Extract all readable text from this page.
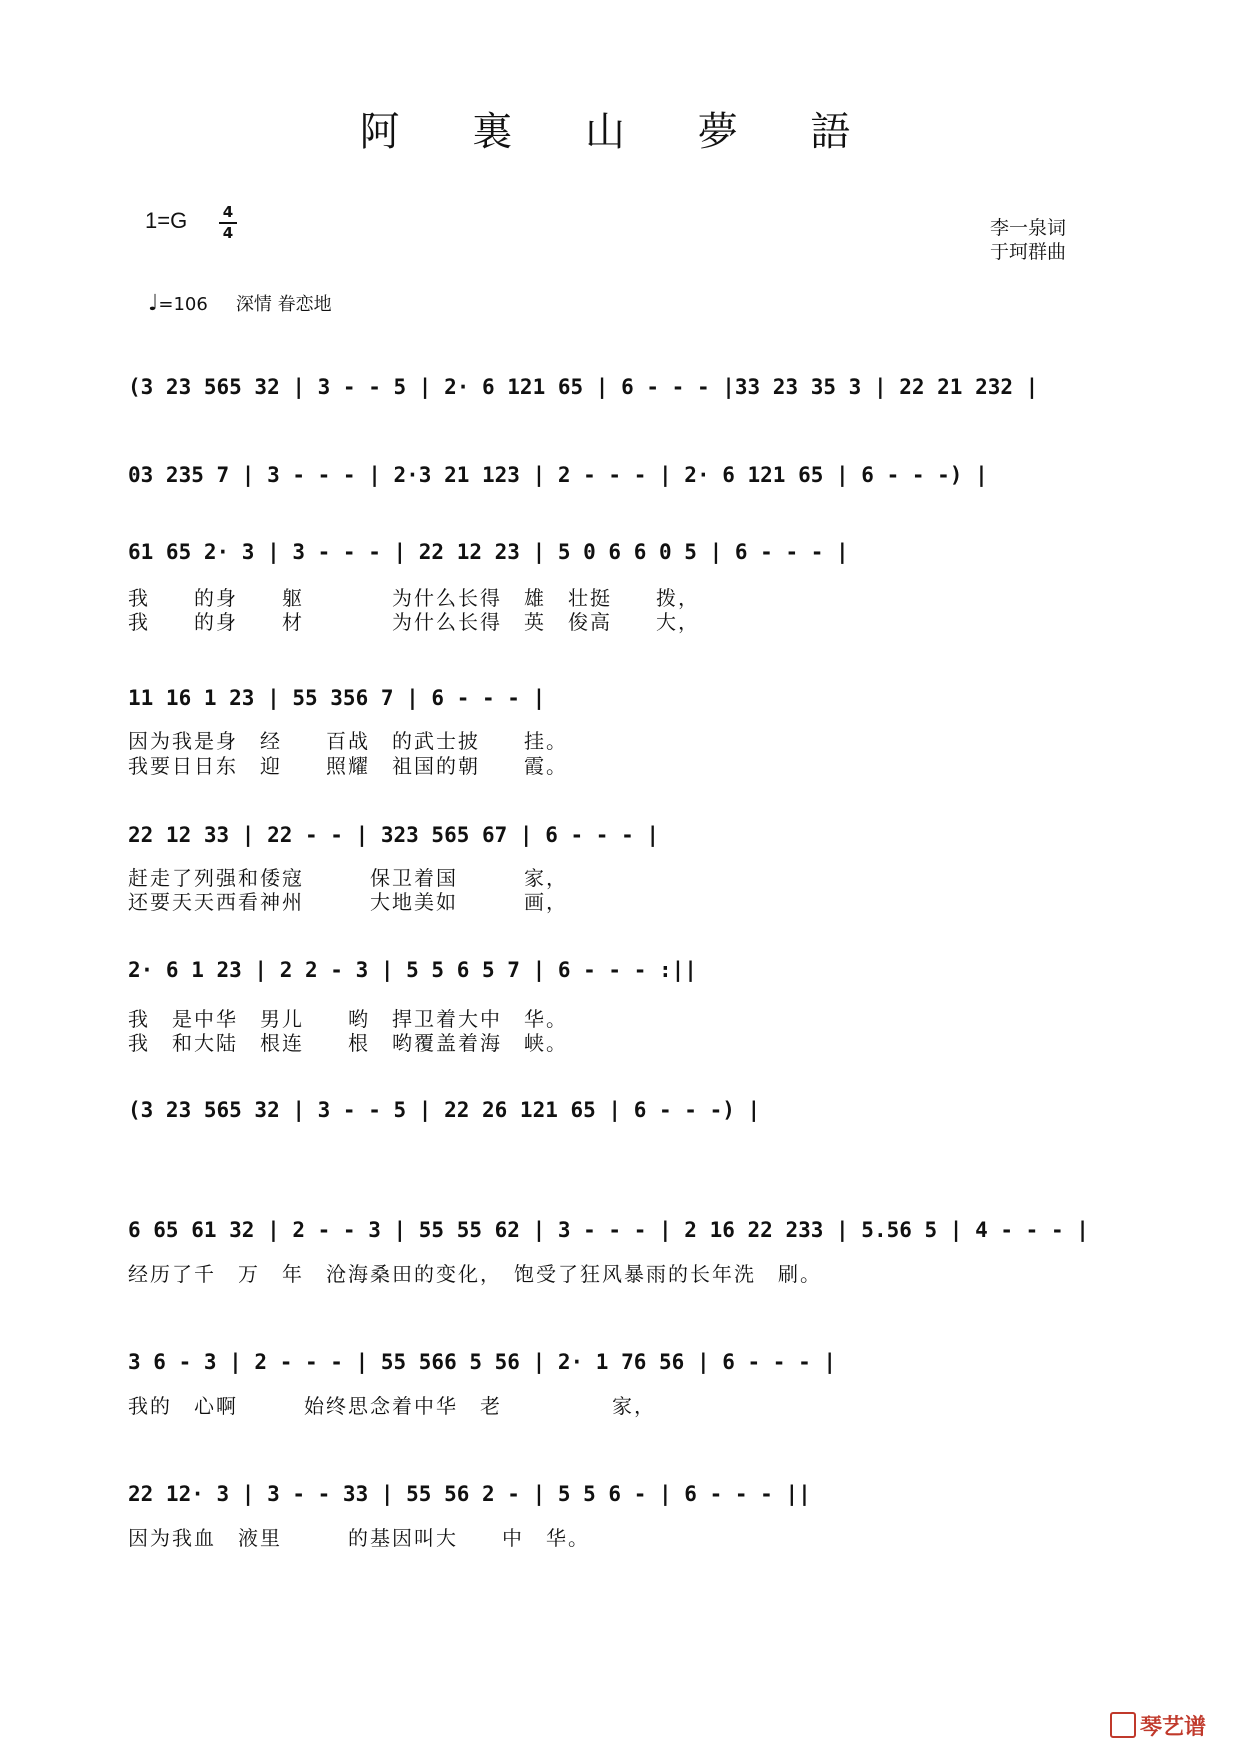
阿 裏 山 夢 語
1=G 4
4	李一泉词
于珂群曲
♩=106 深情 眷恋地
(3 23 565 32 | 3 - - 5 | 2· 6 121 65 | 6 - - - |33 23 35 3 | 22 21 232 |
03 235 7 | 3 - - - | 2·3 21 123 | 2 - - - | 2· 6 121 65 | 6 - - -) |
61 65 2· 3 | 3 - - - | 22 12 23 | 5 0 6 6 0 5 | 6 - - - |
我　　的身　　躯　　　　为什么长得　雄　壮挺　　拨，
我　　的身　　材　　　　为什么长得　英　俊高　　大，
11 16 1 23 | 55 356 7 | 6 - - - |
因为我是身　经　　百战　的武士披　　挂。
我要日日东　迎　　照耀　祖国的朝　　霞。
22 12 33 | 22 - - | 323 565 67 | 6 - - - |
赶走了列强和倭寇　　　保卫着国　　　家，
还要天天西看神州　　　大地美如　　　画，
2· 6 1 23 | 2 2 - 3 | 5 5 6 5 7 | 6 - - - :||
我　是中华　男儿　　哟　捍卫着大中　华。
我　和大陆　根连　　根　哟覆盖着海　峡。
(3 23 565 32 | 3 - - 5 | 22 26 121 65 | 6 - - -) |
6 65 61 32 | 2 - - 3 | 55 55 62 | 3 - - - | 2 16 22 233 | 5.56 5 | 4 - - - |
经历了千　万　年　沧海桑田的变化，　饱受了狂风暴雨的长年洗　刷。
3 6 - 3 | 2 - - - | 55 566 5 56 | 2· 1 76 56 | 6 - - - |
我的　心啊　　　始终思念着中华　老　　　　　家，
22 12· 3 | 3 - - 33 | 55 56 2 - | 5 5 6 - | 6 - - - ||
因为我血　液里　　　的基因叫大　　中　华。
琴艺谱
